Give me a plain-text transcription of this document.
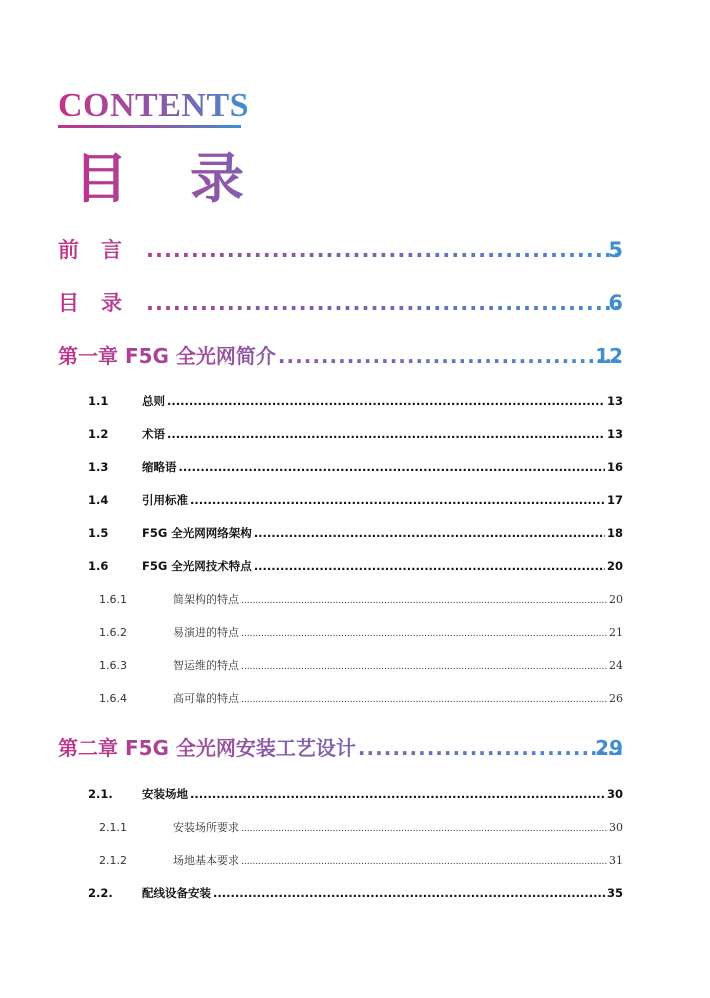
CONTENTS
目录
前言 .....	5
目录 .....	6
第一章 F5G 全光网简介 .....	12
1.1	总则 .....	13
1.2	术语 .....	13
1.3	缩略语 .....	16
1.4	引用标准 .....	17
1.5	F5G 全光网网络架构 .....	18
1.6	F5G 全光网技术特点 .....	20
1.6.1	简架构的特点 .....	20
1.6.2	易演进的特点 .....	21
1.6.3	智运维的特点 .....	24
1.6.4	高可靠的特点 .....	26
第二章 F5G 全光网安装工艺设计 .....	29
2.1.	安装场地 .....	30
2.1.1	安装场所要求 .....	30
2.1.2	场地基本要求 .....	31
2.2.	配线设备安装 .....	35
